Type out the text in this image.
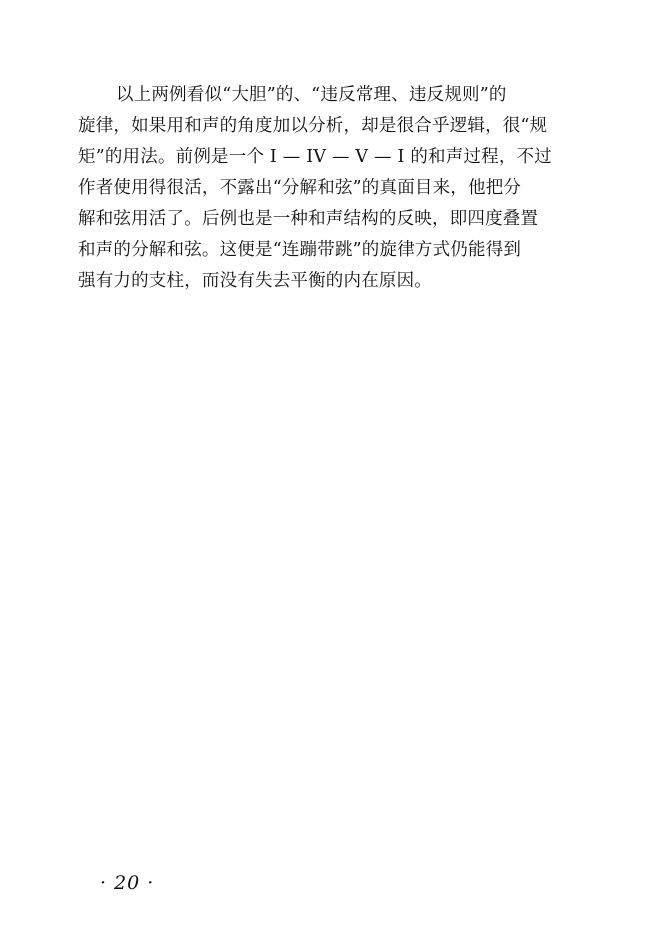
以上两例看似“大胆”的、“违反常理、违反规则”的
旋律，如果用和声的角度加以分析，却是很合乎逻辑，很“规
矩”的用法。前例是一个 I — IV — V — I 的和声过程，不过
作者使用得很活，不露出“分解和弦”的真面目来，他把分
解和弦用活了。后例也是一种和声结构的反映，即四度叠置
和声的分解和弦。这便是“连蹦带跳”的旋律方式仍能得到
强有力的支柱，而没有失去平衡的内在原因。
· 20 ·
